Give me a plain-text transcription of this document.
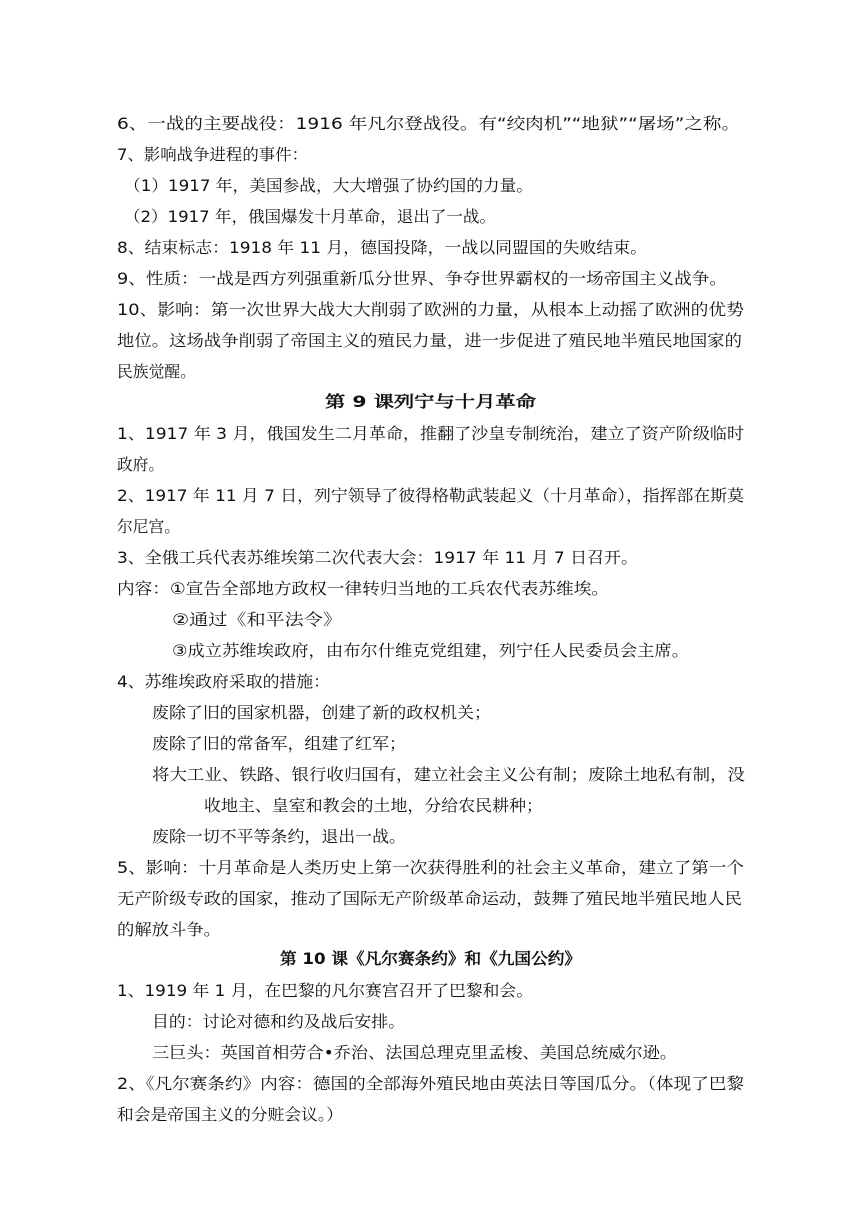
6、一战的主要战役：1916 年凡尔登战役。有“绞肉机”“地狱”“屠场”之称。
7、影响战争进程的事件：
（1）1917 年，美国参战，大大增强了协约国的力量。
（2）1917 年，俄国爆发十月革命，退出了一战。
8、结束标志：1918 年 11 月，德国投降，一战以同盟国的失败结束。
9、性质：一战是西方列强重新瓜分世界、争夺世界霸权的一场帝国主义战争。
10、影响：第一次世界大战大大削弱了欧洲的力量，从根本上动摇了欧洲的优势
地位。这场战争削弱了帝国主义的殖民力量，进一步促进了殖民地半殖民地国家的
民族觉醒。
第 9 课列宁与十月革命
1、1917 年 3 月，俄国发生二月革命，推翻了沙皇专制统治，建立了资产阶级临时
政府。
2、1917 年 11 月 7 日，列宁领导了彼得格勒武装起义（十月革命），指挥部在斯莫
尔尼宫。
3、全俄工兵代表苏维埃第二次代表大会：1917 年 11 月 7 日召开。
内容：①宣告全部地方政权一律转归当地的工兵农代表苏维埃。
②通过《和平法令》
③成立苏维埃政府，由布尔什维克党组建，列宁任人民委员会主席。
4、苏维埃政府采取的措施：
废除了旧的国家机器，创建了新的政权机关；
废除了旧的常备军，组建了红军；
将大工业、铁路、银行收归国有，建立社会主义公有制；废除土地私有制，没
收地主、皇室和教会的土地，分给农民耕种；
废除一切不平等条约，退出一战。
5、影响：十月革命是人类历史上第一次获得胜利的社会主义革命，建立了第一个
无产阶级专政的国家，推动了国际无产阶级革命运动，鼓舞了殖民地半殖民地人民
的解放斗争。
第 10 课《凡尔赛条约》和《九国公约》
1、1919 年 1 月，在巴黎的凡尔赛宫召开了巴黎和会。
目的：讨论对德和约及战后安排。
三巨头：英国首相劳合•乔治、法国总理克里孟梭、美国总统威尔逊。
2、《凡尔赛条约》内容：德国的全部海外殖民地由英法日等国瓜分。（体现了巴黎
和会是帝国主义的分赃会议。）
